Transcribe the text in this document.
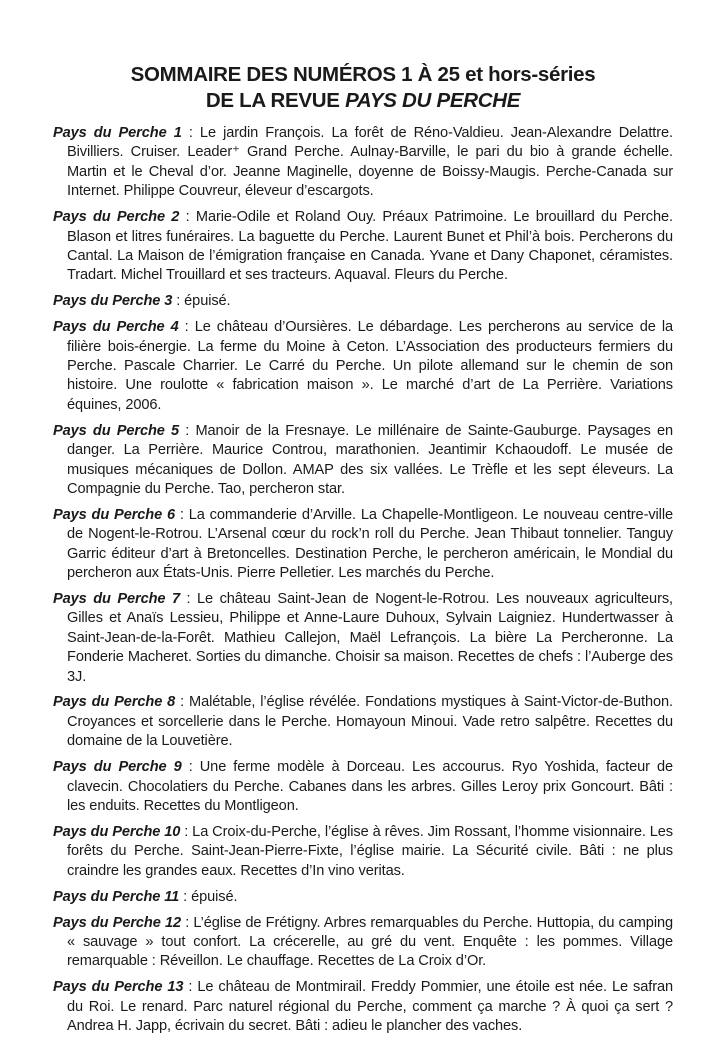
SOMMAIRE DES NUMÉROS 1 À 25 et hors-séries
DE LA REVUE PAYS DU PERCHE
Pays du Perche 1 : Le jardin François. La forêt de Réno-Valdieu. Jean-Alexandre Delattre. Bivilliers. Cruiser. Leader⁺ Grand Perche. Aulnay-Barville, le pari du bio à grande échelle. Martin et le Cheval d’or. Jeanne Maginelle, doyenne de Boissy-Maugis. Perche-Canada sur Internet. Philippe Couvreur, éleveur d’escargots.
Pays du Perche 2 : Marie-Odile et Roland Ouy. Préaux Patrimoine. Le brouillard du Perche. Blason et litres funéraires. La baguette du Perche. Laurent Bunet et Phil’à bois. Percherons du Cantal. La Maison de l’émigration française en Canada. Yvane et Dany Chaponet, céramistes. Tradart. Michel Trouillard et ses tracteurs. Aquaval. Fleurs du Perche.
Pays du Perche 3 : épuisé.
Pays du Perche 4 : Le château d’Oursières. Le débardage. Les percherons au service de la filière bois-énergie. La ferme du Moine à Ceton. L’Association des producteurs fermiers du Perche. Pascale Charrier. Le Carré du Perche. Un pilote allemand sur le chemin de son histoire. Une roulotte « fabrication maison ». Le marché d’art de La Perrière. Variations équines, 2006.
Pays du Perche 5 : Manoir de la Fresnaye. Le millénaire de Sainte-Gauburge. Paysages en danger. La Perrière. Maurice Controu, marathonien. Jeantimir Kchaoudoff. Le musée de musiques mécaniques de Dollon. AMAP des six vallées. Le Trèfle et les sept éleveurs. La Compagnie du Perche. Tao, percheron star.
Pays du Perche 6 : La commanderie d’Arville. La Chapelle-Montligeon. Le nouveau centre-ville de Nogent-le-Rotrou. L’Arsenal cœur du rock’n roll du Perche. Jean Thibaut tonnelier. Tanguy Garric éditeur d’art à Bretoncelles. Destination Perche, le percheron américain, le Mondial du percheron aux États-Unis. Pierre Pelletier. Les marchés du Perche.
Pays du Perche 7 : Le château Saint-Jean de Nogent-le-Rotrou. Les nouveaux agriculteurs, Gilles et Anaïs Lessieu, Philippe et Anne-Laure Duhoux, Sylvain Laigniez. Hundertwasser à Saint-Jean-de-la-Forêt. Mathieu Callejon, Maël Lefrançois. La bière La Percheronne. La Fonderie Macheret. Sorties du dimanche. Choisir sa maison. Recettes de chefs : l’Auberge des 3J.
Pays du Perche 8 : Malétable, l’église révélée. Fondations mystiques à Saint-Victor-de-Buthon. Croyances et sorcellerie dans le Perche. Homayoun Minoui. Vade retro salpêtre. Recettes du domaine de la Louvetière.
Pays du Perche 9 : Une ferme modèle à Dorceau. Les accourus. Ryo Yoshida, facteur de clavecin. Chocolatiers du Perche. Cabanes dans les arbres. Gilles Leroy prix Goncourt. Bâti : les enduits. Recettes du Montligeon.
Pays du Perche 10 : La Croix-du-Perche, l’église à rêves. Jim Rossant, l’homme visionnaire. Les forêts du Perche. Saint-Jean-Pierre-Fixte, l’église mairie. La Sécurité civile. Bâti : ne plus craindre les grandes eaux. Recettes d’In vino veritas.
Pays du Perche 11 : épuisé.
Pays du Perche 12 : L’église de Frétigny. Arbres remarquables du Perche. Huttopia, du camping « sauvage » tout confort. La crécerelle, au gré du vent. Enquête : les pommes. Village remarquable : Réveillon. Le chauffage. Recettes de La Croix d’Or.
Pays du Perche 13 : Le château de Montmirail. Freddy Pommier, une étoile est née. Le safran du Roi. Le renard. Parc naturel régional du Perche, comment ça marche ? À quoi ça sert ? Andrea H. Japp, écrivain du secret. Bâti : adieu le plancher des vaches.
